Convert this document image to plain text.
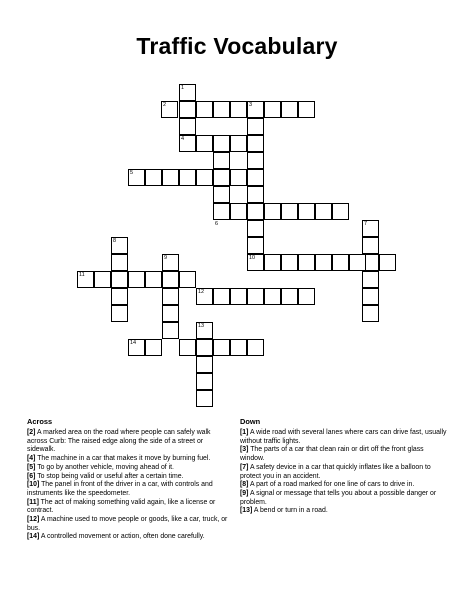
Traffic Vocabulary
1
2	3
4
5
6	7
8
9	10
11
12
13
14
Across
[2] A marked area on the road where people can safely walk across Curb: The raised edge along the side of a street or sidewalk.
[4] The machine in a car that makes it move by burning fuel.
[5] To go by another vehicle, moving ahead of it.
[6] To stop being valid or useful after a certain time.
[10] The panel in front of the driver in a car, with controls and instruments like the speedometer.
[11] The act of making something valid again, like a license or contract.
[12] A machine used to move people or goods, like a car, truck, or bus.
[14] A controlled movement or action, often done carefully.
Down
[1] A wide road with several lanes where cars can drive fast, usually without traffic lights.
[3] The parts of a car that clean rain or dirt off the front glass window.
[7] A safety device in a car that quickly inflates like a balloon to protect you in an accident.
[8] A part of a road marked for one line of cars to drive in.
[9] A signal or message that tells you about a possible danger or problem.
[13] A bend or turn in a road.
